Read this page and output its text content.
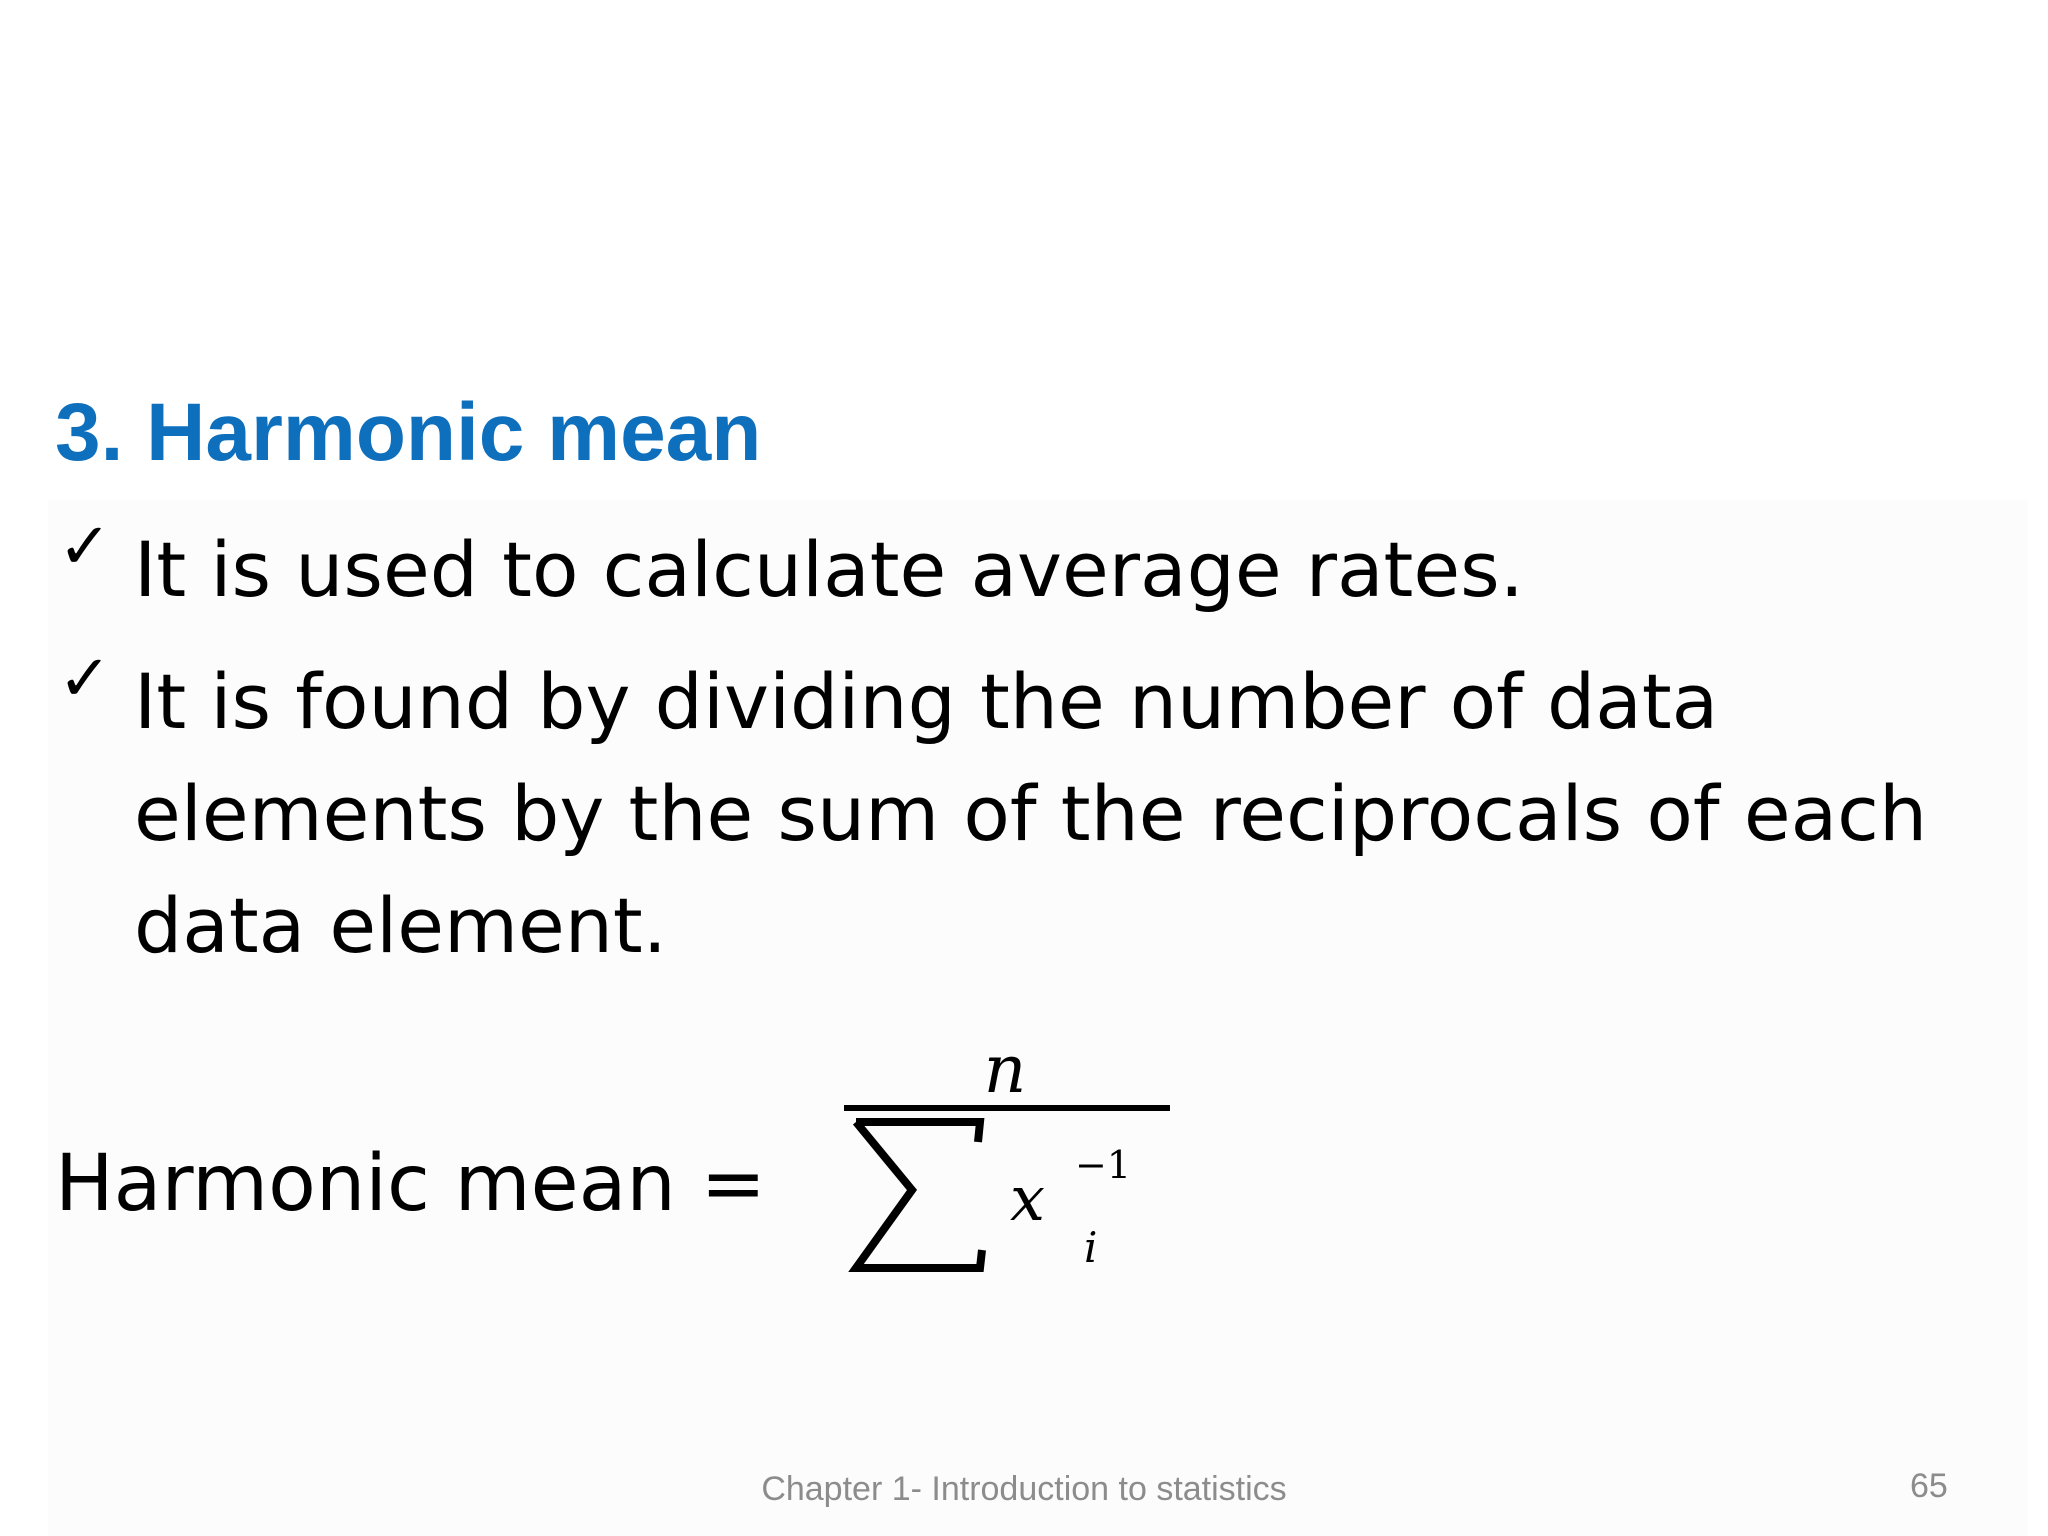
3. Harmonic mean
✓ It is used to calculate average rates.
✓ It is found by dividing the number of data
elements by the sum of the reciprocals of each
data element.
Harmonic mean =
n
x −1
i
Chapter 1- Introduction to statistics	65
